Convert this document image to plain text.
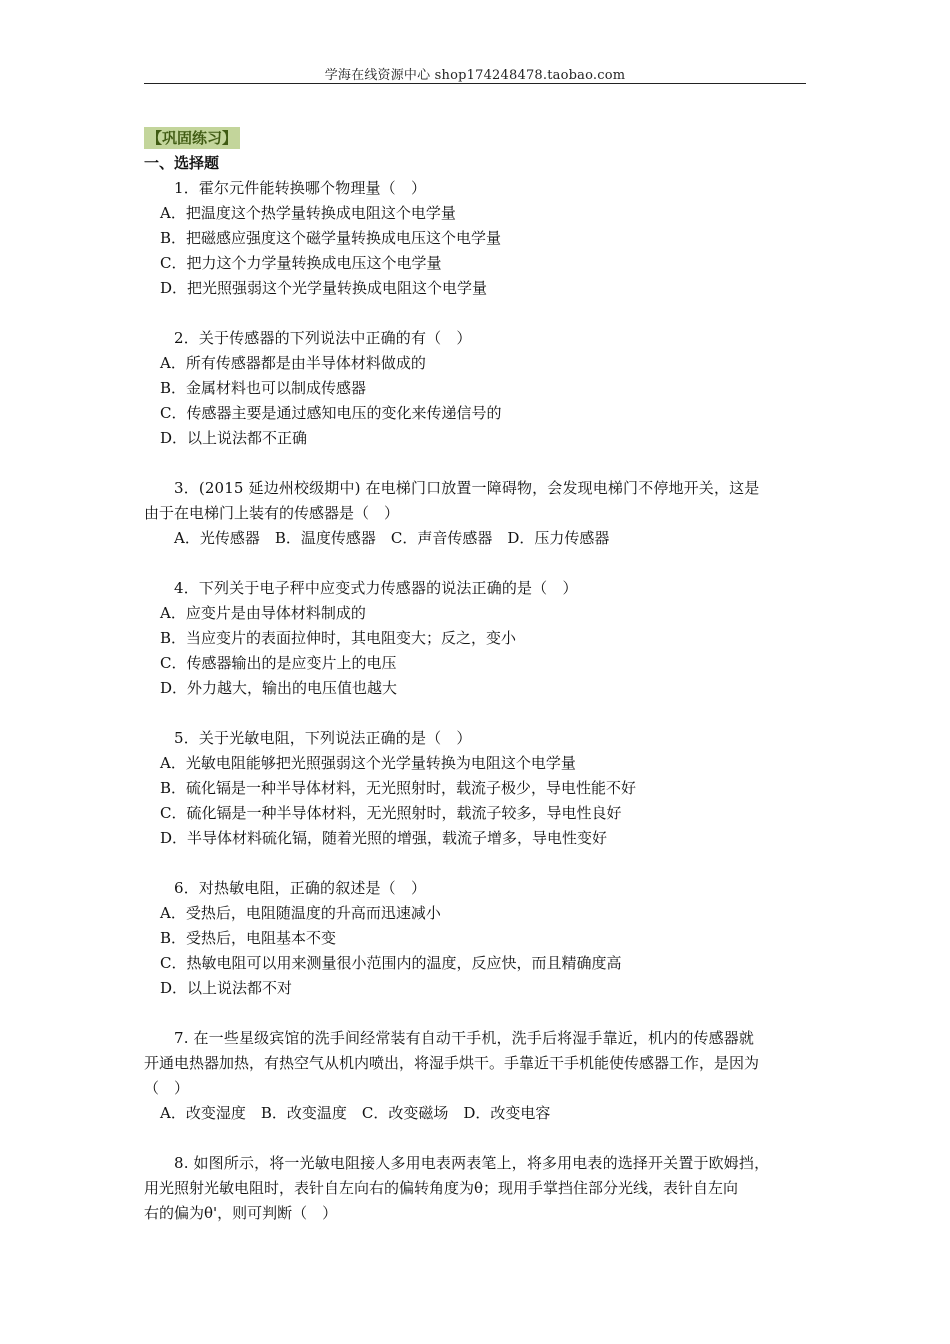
学海在线资源中心 shop174248478.taobao.com
【巩固练习】
一、选择题
1．霍尔元件能转换哪个物理量（　）
A．把温度这个热学量转换成电阻这个电学量
B．把磁感应强度这个磁学量转换成电压这个电学量
C．把力这个力学量转换成电压这个电学量
D．把光照强弱这个光学量转换成电阻这个电学量
2．关于传感器的下列说法中正确的有（　）
A．所有传感器都是由半导体材料做成的
B．金属材料也可以制成传感器
C．传感器主要是通过感知电压的变化来传递信号的
D．以上说法都不正确
3．(2015 延边州校级期中) 在电梯门口放置一障碍物，会发现电梯门不停地开关，这是
由于在电梯门上装有的传感器是（　）
A．光传感器　B．温度传感器　C．声音传感器　D．压力传感器
4．下列关于电子秤中应变式力传感器的说法正确的是（　）
A．应变片是由导体材料制成的
B．当应变片的表面拉伸时，其电阻变大；反之，变小
C．传感器输出的是应变片上的电压
D．外力越大，输出的电压值也越大
5．关于光敏电阻，下列说法正确的是（　）
A．光敏电阻能够把光照强弱这个光学量转换为电阻这个电学量
B．硫化镉是一种半导体材料，无光照射时，载流子极少，导电性能不好
C．硫化镉是一种半导体材料，无光照射时，载流子较多，导电性良好
D．半导体材料硫化镉，随着光照的增强，载流子增多，导电性变好
6．对热敏电阻，正确的叙述是（　）
A．受热后，电阻随温度的升高而迅速减小
B．受热后，电阻基本不变
C．热敏电阻可以用来测量很小范围内的温度，反应快，而且精确度高
D．以上说法都不对
7. 在一些星级宾馆的洗手间经常装有自动干手机，洗手后将湿手靠近，机内的传感器就
开通电热器加热，有热空气从机内喷出，将湿手烘干。手靠近干手机能使传感器工作，是因为
（　）
A．改变湿度　B．改变温度　C．改变磁场　D．改变电容
8. 如图所示，将一光敏电阻接人多用电表两表笔上，将多用电表的选择开关置于欧姆挡，
用光照射光敏电阻时，表针自左向右的偏转角度为θ；现用手掌挡住部分光线，表针自左向
右的偏为θ'，则可判断（　）
